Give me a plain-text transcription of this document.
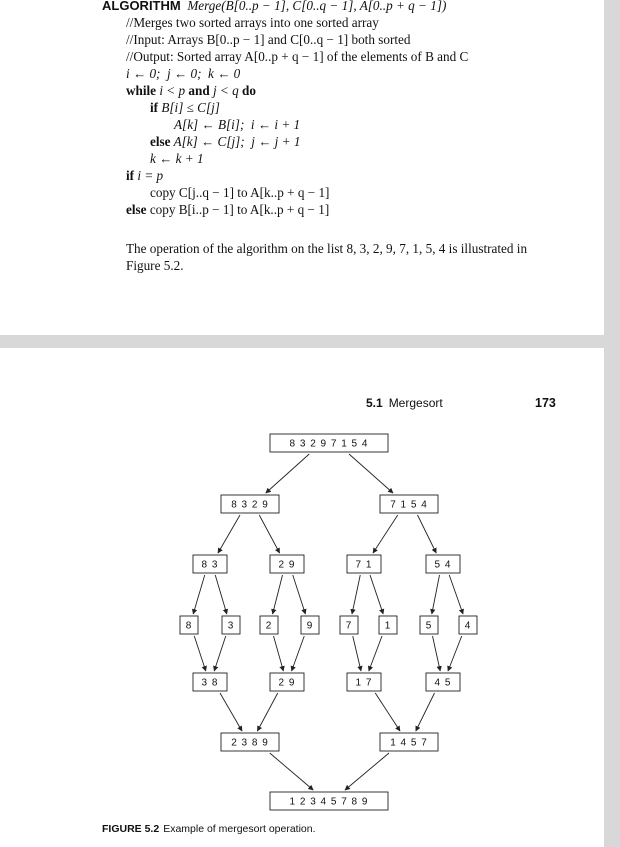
ALGORITHM Merge(B[0..p − 1], C[0..q − 1], A[0..p + q − 1])
//Merges two sorted arrays into one sorted array
//Input: Arrays B[0..p − 1] and C[0..q − 1] both sorted
//Output: Sorted array A[0..p + q − 1] of the elements of B and C
i ← 0;  j ← 0;  k ← 0
while i < p and j < q do
if B[i] ≤ C[j]
A[k] ← B[i];  i ← i + 1
else A[k] ← C[j];  j ← j + 1
k ← k + 1
if i = p
copy C[j..q − 1] to A[k..p + q − 1]
else copy B[i..p − 1] to A[k..p + q − 1]
The operation of the algorithm on the list 8, 3, 2, 9, 7, 1, 5, 4 is illustrated in Figure 5.2.
5.1 Mergesort	173
8 3 2 9 7 1 5 4
8 3 2 9	7 1 5 4
8 3	2 9	7 1	5 4
8	3	2	9	7	1	5	4
3 8	2 9	1 7	4 5
2 3 8 9	1 4 5 7
1 2 3 4 5 7 8 9
FIGURE 5.2 Example of mergesort operation.
